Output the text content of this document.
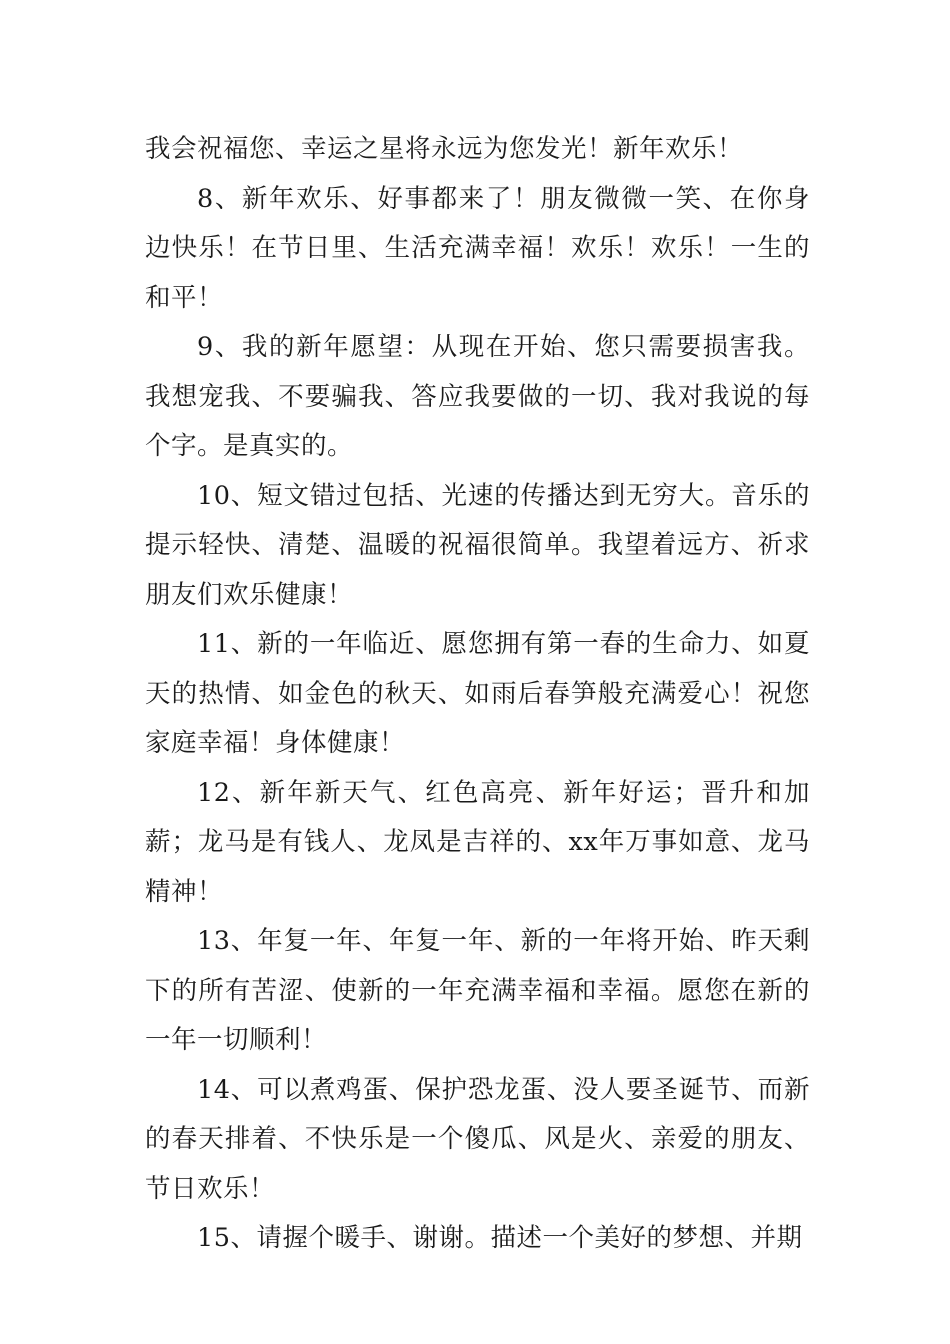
我会祝福您、幸运之星将永远为您发光！新年欢乐！

8、新年欢乐、好事都来了！朋友微微一笑、在你身边快乐！在节日里、生活充满幸福！欢乐！欢乐！一生的和平！

9、我的新年愿望：从现在开始、您只需要损害我。我想宠我、不要骗我、答应我要做的一切、我对我说的每个字。是真实的。

10、短文错过包括、光速的传播达到无穷大。音乐的提示轻快、清楚、温暖的祝福很简单。我望着远方、祈求朋友们欢乐健康！

11、新的一年临近、愿您拥有第一春的生命力、如夏天的热情、如金色的秋天、如雨后春笋般充满爱心！祝您家庭幸福！身体健康！

12、新年新天气、红色高亮、新年好运；晋升和加薪；龙马是有钱人、龙凤是吉祥的、xx年万事如意、龙马精神！

13、年复一年、年复一年、新的一年将开始、昨天剩下的所有苦涩、使新的一年充满幸福和幸福。愿您在新的一年一切顺利！

14、可以煮鸡蛋、保护恐龙蛋、没人要圣诞节、而新的春天排着、不快乐是一个傻瓜、风是火、亲爱的朋友、节日欢乐！

15、请握个暖手、谢谢。描述一个美好的梦想、并期
